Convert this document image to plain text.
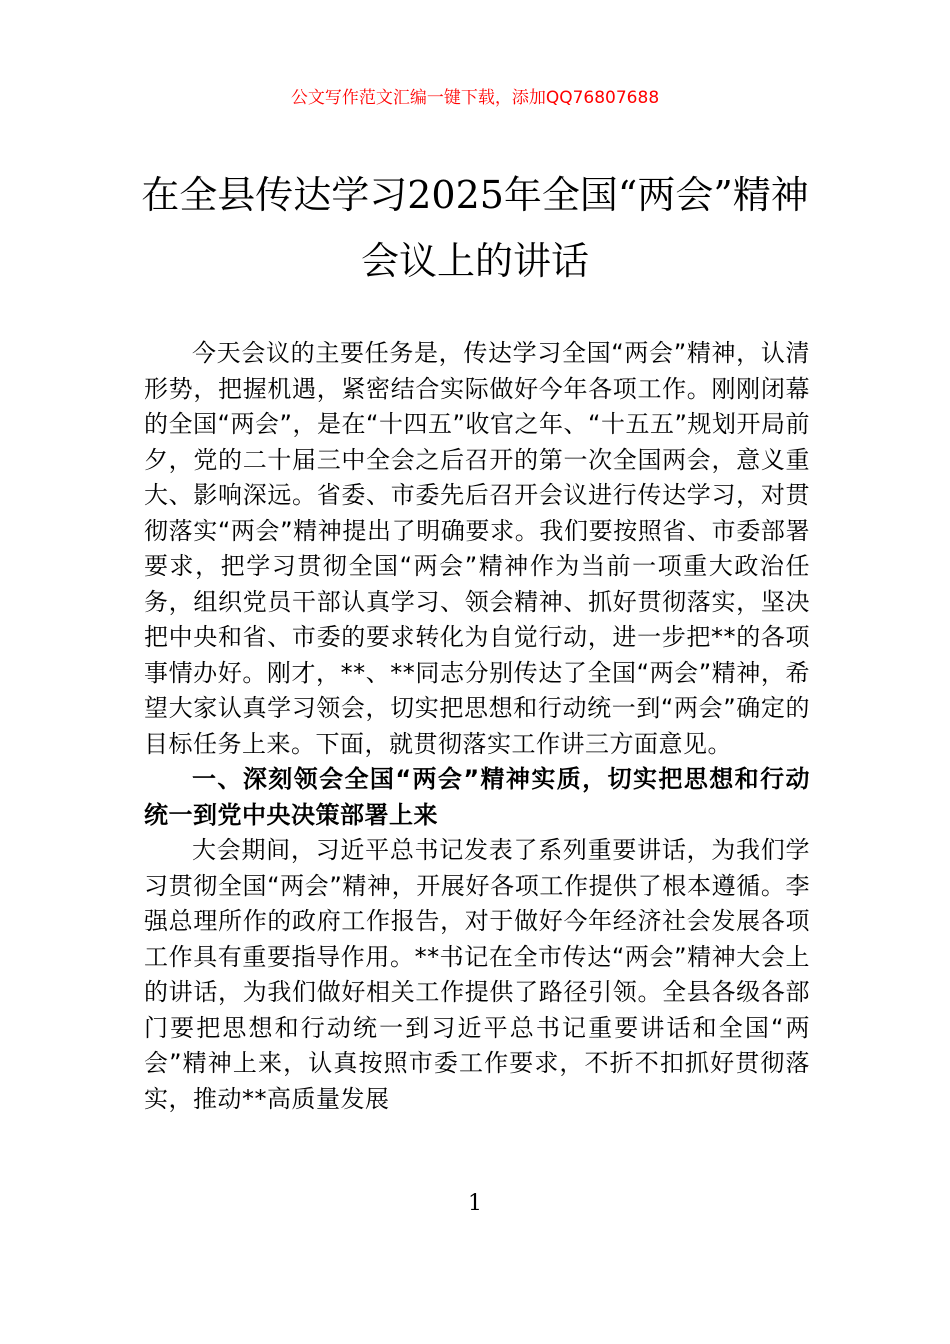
公文写作范文汇编一键下载，添加QQ76807688
在全县传达学习2025年全国“两会”精神
会议上的讲话

今天会议的主要任务是，传达学习全国“两会”精神，认清形势，把握机遇，紧密结合实际做好今年各项工作。刚刚闭幕的全国“两会”，是在“十四五”收官之年、“十五五”规划开局前夕，党的二十届三中全会之后召开的第一次全国两会，意义重大、影响深远。省委、市委先后召开会议进行传达学习，对贯彻落实“两会”精神提出了明确要求。我们要按照省、市委部署要求，把学习贯彻全国“两会”精神作为当前一项重大政治任务，组织党员干部认真学习、领会精神、抓好贯彻落实，坚决把中央和省、市委的要求转化为自觉行动，进一步把**的各项事情办好。刚才，**、**同志分别传达了全国“两会”精神，希望大家认真学习领会，切实把思想和行动统一到“两会”确定的目标任务上来。下面，就贯彻落实工作讲三方面意见。

一、深刻领会全国“两会”精神实质，切实把思想和行动统一到党中央决策部署上来

大会期间，习近平总书记发表了系列重要讲话，为我们学习贯彻全国“两会”精神，开展好各项工作提供了根本遵循。李强总理所作的政府工作报告，对于做好今年经济社会发展各项工作具有重要指导作用。**书记在全市传达“两会”精神大会上的讲话，为我们做好相关工作提供了路径引领。全县各级各部门要把思想和行动统一到习近平总书记重要讲话和全国“两会”精神上来，认真按照市委工作要求，不折不扣抓好贯彻落实，推动**高质量发展

1
